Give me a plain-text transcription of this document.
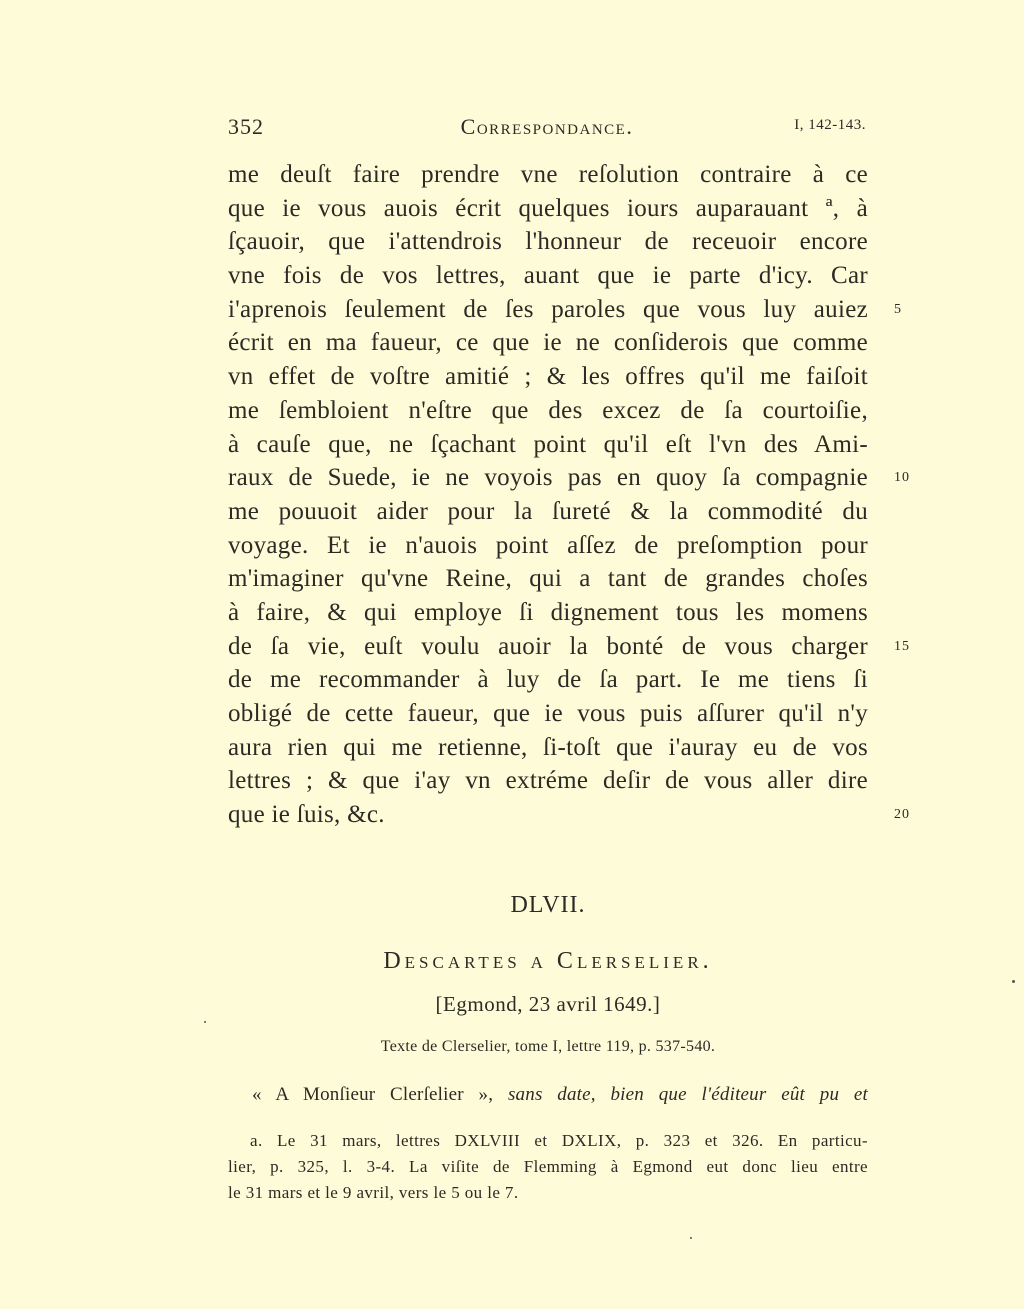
352	Correspondance.	I, 142-143.
me deuſt faire prendre vne reſolution contraire à ce
que ie vous auois écrit quelques iours auparauant ª, à
ſçauoir, que i'attendrois l'honneur de receuoir encore
vne fois de vos lettres, auant que ie parte d'icy. Car
i'aprenois ſeulement de ſes paroles que vous luy auiez 5
écrit en ma faueur, ce que ie ne conſiderois que comme
vn effet de voſtre amitié ; & les offres qu'il me faiſoit
me ſembloient n'eſtre que des excez de ſa courtoiſie,
à cauſe que, ne ſçachant point qu'il eſt l'vn des Ami-
raux de Suede, ie ne voyois pas en quoy ſa compagnie 10
me pouuoit aider pour la ſureté & la commodité du
voyage. Et ie n'auois point aſſez de preſomption pour
m'imaginer qu'vne Reine, qui a tant de grandes choſes
à faire, & qui employe ſi dignement tous les momens
de ſa vie, euſt voulu auoir la bonté de vous charger 15
de me recommander à luy de ſa part. Ie me tiens ſi
obligé de cette faueur, que ie vous puis aſſurer qu'il n'y
aura rien qui me retienne, ſi-toſt que i'auray eu de vos
lettres ; & que i'ay vn extréme deſir de vous aller dire
que ie ſuis, &c.	20
DLVII.
Descartes a Clerselier.
[Egmond, 23 avril 1649.]
Texte de Clerselier, tome I, lettre 119, p. 537-540.
« A Monſieur Clerſelier », sans date, bien que l'éditeur eût pu et
a. Le 31 mars, lettres DXLVIII et DXLIX, p. 323 et 326. En particu-
lier, p. 325, l. 3-4. La viſite de Flemming à Egmond eut donc lieu entre
le 31 mars et le 9 avril, vers le 5 ou le 7.
